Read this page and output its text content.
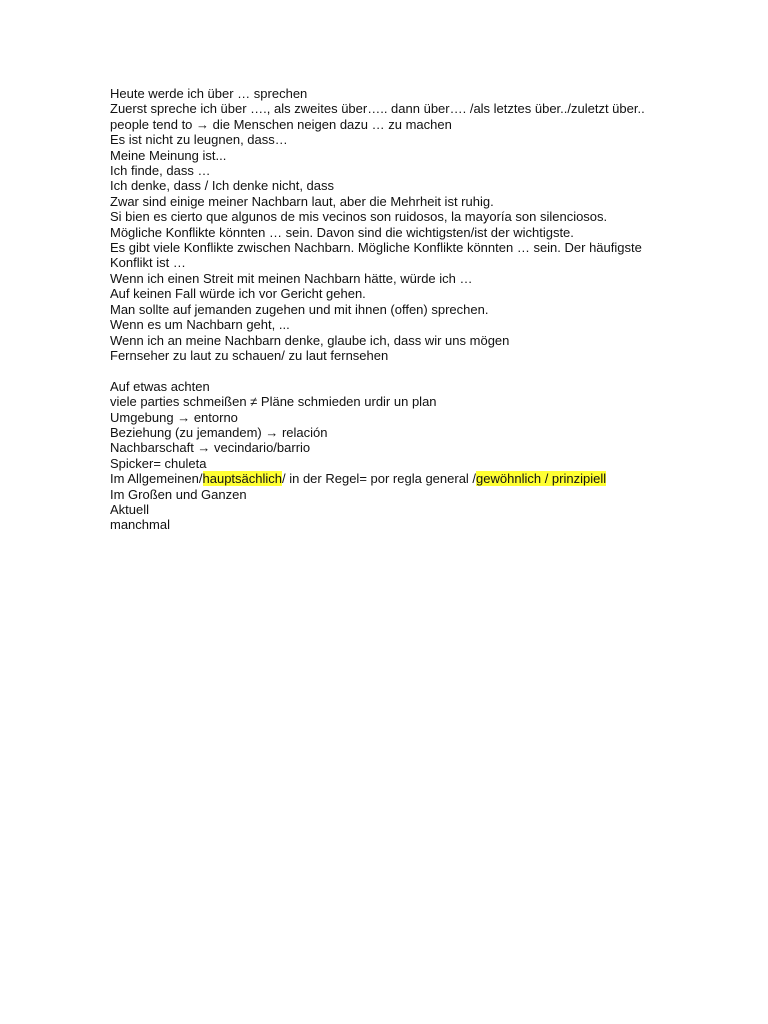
Heute werde ich über … sprechen

Zuerst spreche ich über …., als zweites über….. dann über…. /als letztes über../zuletzt über..

people tend to → die Menschen neigen dazu … zu machen

Es ist nicht zu leugnen, dass…

Meine Meinung ist...

Ich finde, dass …

Ich denke, dass / Ich denke nicht, dass

Zwar sind einige meiner Nachbarn laut, aber die Mehrheit ist ruhig.

Si bien es cierto que algunos de mis vecinos son ruidosos, la mayoría son silenciosos.

Mögliche Konflikte könnten … sein. Davon sind die wichtigsten/ist der wichtigste.

Es gibt viele Konflikte zwischen Nachbarn. Mögliche Konflikte könnten … sein. Der häufigste Konflikt ist …

Wenn ich einen Streit mit meinen Nachbarn hätte, würde ich …

Auf keinen Fall würde ich vor Gericht gehen.

Man sollte auf jemanden zugehen und mit ihnen (offen) sprechen.

Wenn es um Nachbarn geht, ...

Wenn ich an meine Nachbarn denke, glaube ich, dass wir uns mögen

Fernseher zu laut zu schauen/ zu laut fernsehen

Auf etwas achten

viele parties schmeißen ≠ Pläne schmieden urdir un plan

Umgebung → entorno

Beziehung (zu jemandem) → relación

Nachbarschaft → vecindario/barrio

Spicker= chuleta

Im Allgemeinen/hauptsächlich/ in der Regel= por regla general /gewöhnlich / prinzipiell

Im Großen und Ganzen

Aktuell

manchmal
